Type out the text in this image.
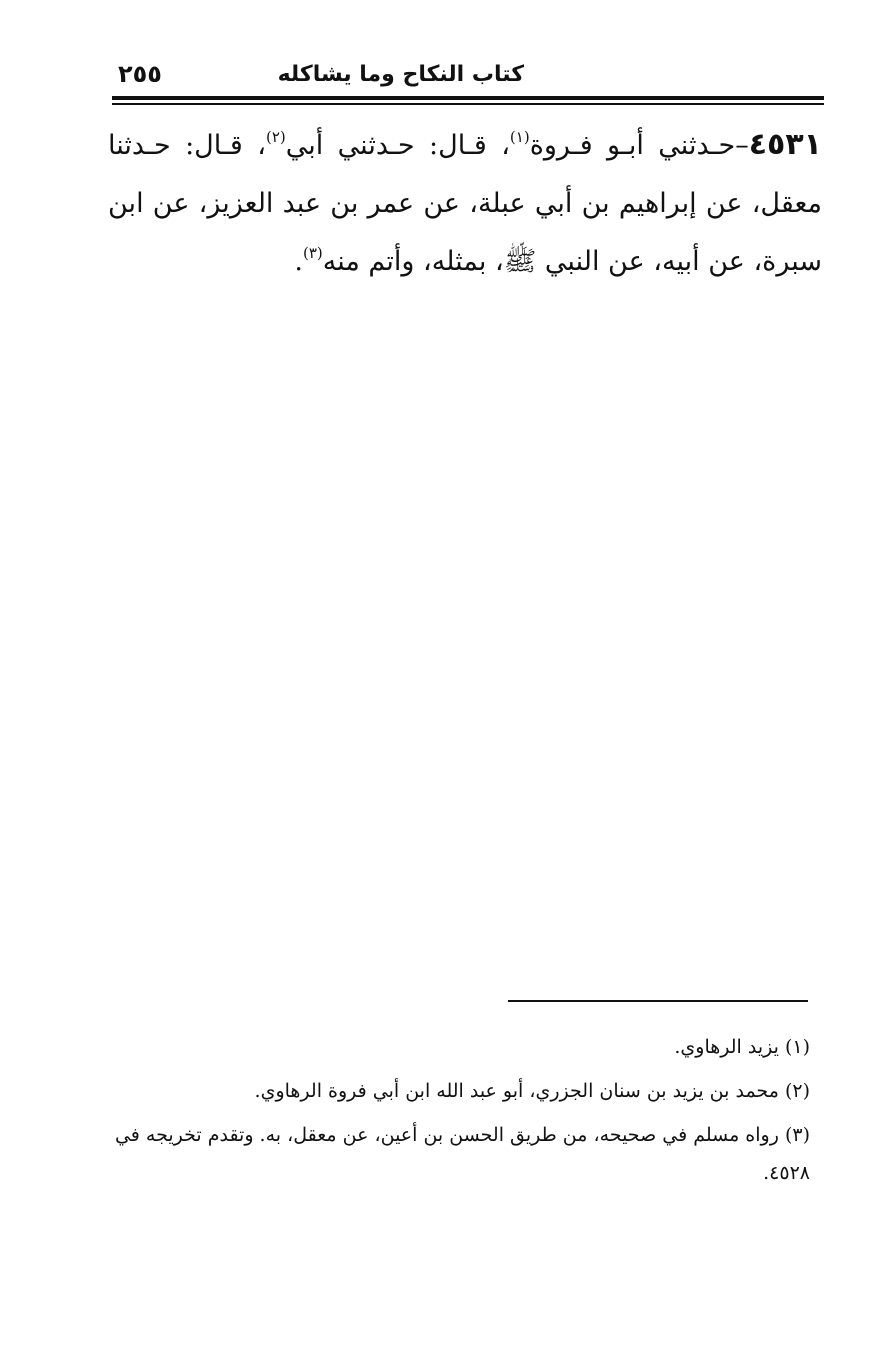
كتاب النكاح وما يشاكله
٢٥٥
٤٥٣١–حـدثني أبـو فـروة$^{(١)}$، قـال: حـدثني أبي$^{(٢)}$، قـال: حـدثنا معقل، عن إبراهيم بن أبي عبلة، عن عمر بن عبد العزيز، عن ابن سبرة، عن أبيه، عن النبي ﷺ، بمثله، وأتم منه$^{(٣)}$.
(١) يزيد الرهاوي.
(٢) محمد بن يزيد بن سنان الجزري، أبو عبد الله ابن أبي فروة الرهاوي.
(٣) رواه مسلم في صحيحه، من طريق الحسن بن أعين، عن معقل، به. وتقدم تخريجه في
٤٥٢٨.
